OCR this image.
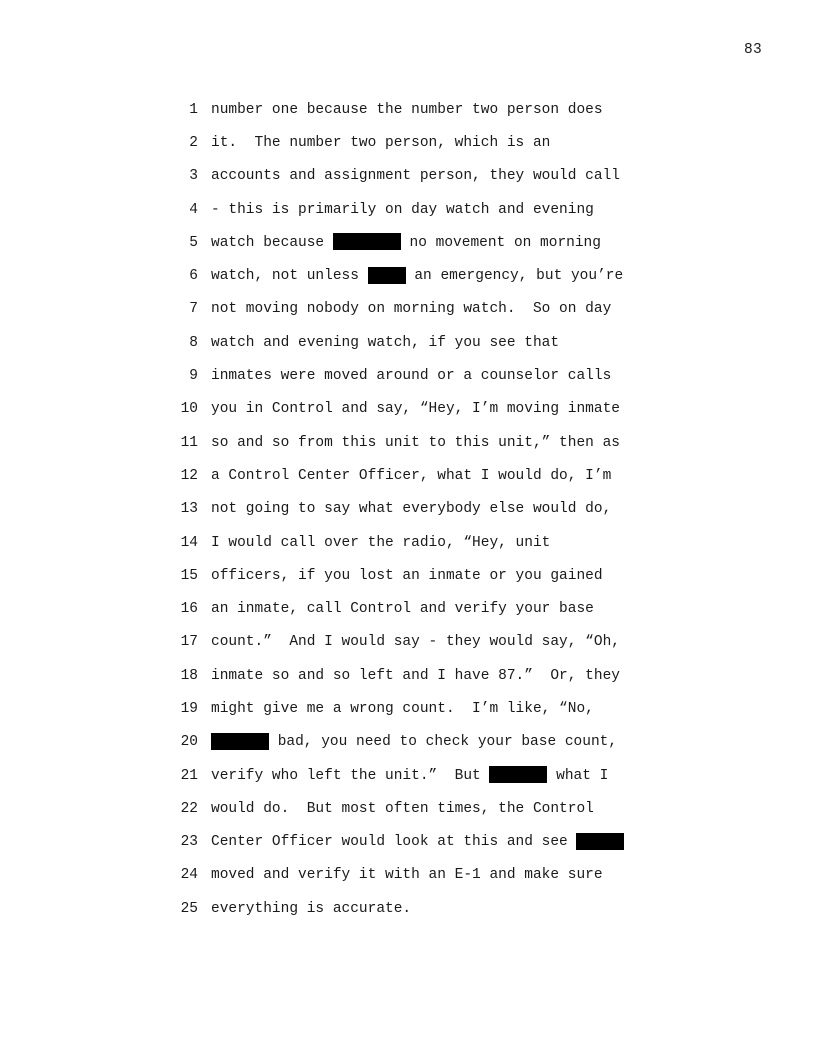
83
1 number one because the number two person does
2 it.  The number two person, which is an
3 accounts and assignment person, they would call
4 - this is primarily on day watch and evening
5 watch because	no movement on morning
6 watch, not unless	an emergency, but you’re
7 not moving nobody on morning watch.  So on day
8 watch and evening watch, if you see that
9 inmates were moved around or a counselor calls
10 you in Control and say, “Hey, I’m moving inmate
11 so and so from this unit to this unit,” then as
12 a Control Center Officer, what I would do, I’m
13 not going to say what everybody else would do,
14 I would call over the radio, “Hey, unit
15 officers, if you lost an inmate or you gained
16 an inmate, call Control and verify your base
17 count.”  And I would say - they would say, “Oh,
18 inmate so and so left and I have 87.”  Or, they
19 might give me a wrong count.  I’m like, “No,
20	bad, you need to check your base count,
21 verify who left the unit.”  But	what I
22 would do.  But most often times, the Control
23 Center Officer would look at this and see
24 moved and verify it with an E-1 and make sure
25 everything is accurate.
